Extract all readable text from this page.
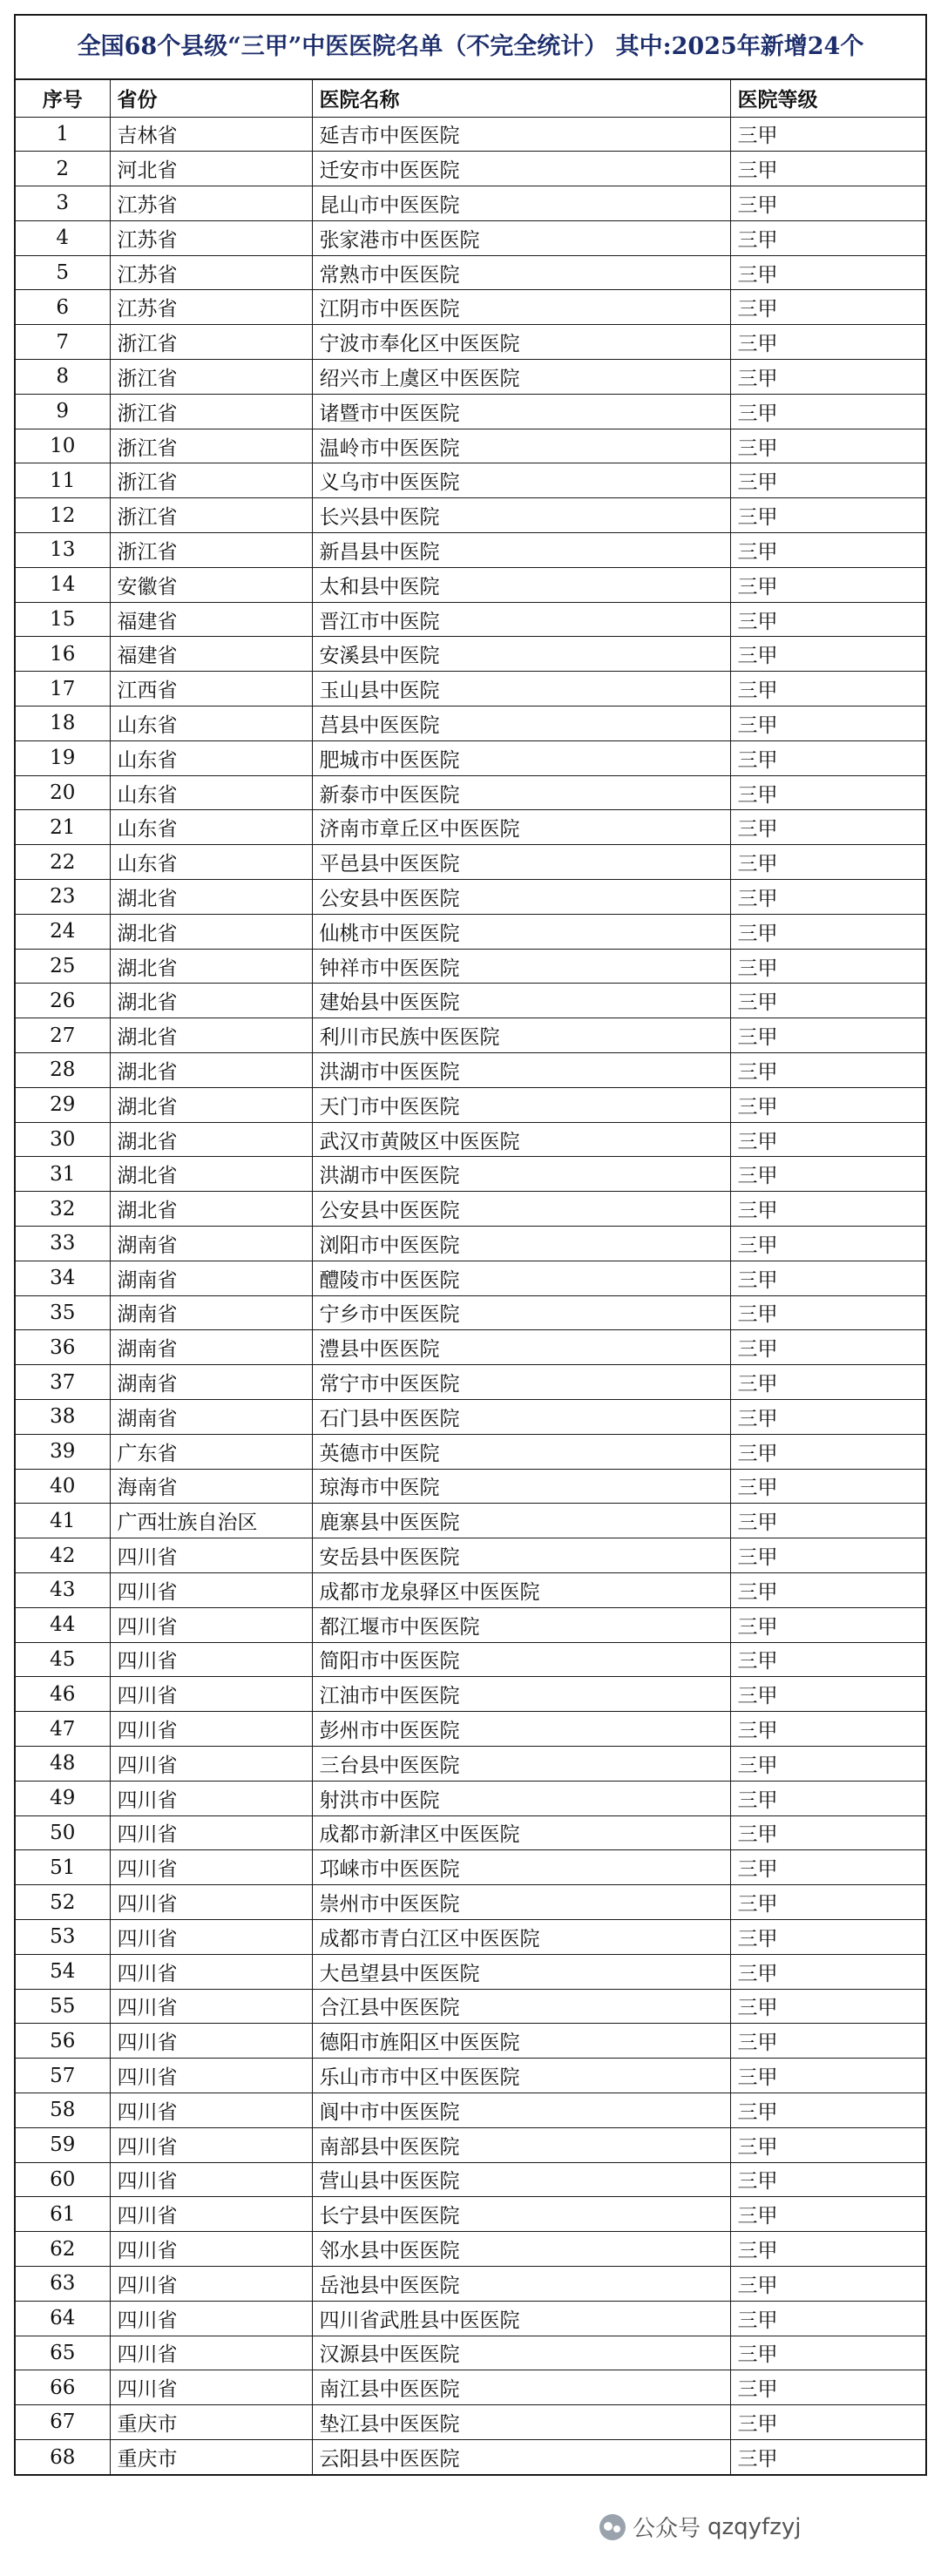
全国68个县级“三甲”中医医院名单（不完全统计） 其中:2025年新增24个
序号	省份	医院名称	医院等级
1	吉林省	延吉市中医医院	三甲
2	河北省	迁安市中医医院	三甲
3	江苏省	昆山市中医医院	三甲
4	江苏省	张家港市中医医院	三甲
5	江苏省	常熟市中医医院	三甲
6	江苏省	江阴市中医医院	三甲
7	浙江省	宁波市奉化区中医医院	三甲
8	浙江省	绍兴市上虞区中医医院	三甲
9	浙江省	诸暨市中医医院	三甲
10	浙江省	温岭市中医医院	三甲
11	浙江省	义乌市中医医院	三甲
12	浙江省	长兴县中医院	三甲
13	浙江省	新昌县中医院	三甲
14	安徽省	太和县中医院	三甲
15	福建省	晋江市中医院	三甲
16	福建省	安溪县中医院	三甲
17	江西省	玉山县中医院	三甲
18	山东省	莒县中医医院	三甲
19	山东省	肥城市中医医院	三甲
20	山东省	新泰市中医医院	三甲
21	山东省	济南市章丘区中医医院	三甲
22	山东省	平邑县中医医院	三甲
23	湖北省	公安县中医医院	三甲
24	湖北省	仙桃市中医医院	三甲
25	湖北省	钟祥市中医医院	三甲
26	湖北省	建始县中医医院	三甲
27	湖北省	利川市民族中医医院	三甲
28	湖北省	洪湖市中医医院	三甲
29	湖北省	天门市中医医院	三甲
30	湖北省	武汉市黄陂区中医医院	三甲
31	湖北省	洪湖市中医医院	三甲
32	湖北省	公安县中医医院	三甲
33	湖南省	浏阳市中医医院	三甲
34	湖南省	醴陵市中医医院	三甲
35	湖南省	宁乡市中医医院	三甲
36	湖南省	澧县中医医院	三甲
37	湖南省	常宁市中医医院	三甲
38	湖南省	石门县中医医院	三甲
39	广东省	英德市中医院	三甲
40	海南省	琼海市中医院	三甲
41	广西壮族自治区	鹿寨县中医医院	三甲
42	四川省	安岳县中医医院	三甲
43	四川省	成都市龙泉驿区中医医院	三甲
44	四川省	都江堰市中医医院	三甲
45	四川省	简阳市中医医院	三甲
46	四川省	江油市中医医院	三甲
47	四川省	彭州市中医医院	三甲
48	四川省	三台县中医医院	三甲
49	四川省	射洪市中医院	三甲
50	四川省	成都市新津区中医医院	三甲
51	四川省	邛崃市中医医院	三甲
52	四川省	崇州市中医医院	三甲
53	四川省	成都市青白江区中医医院	三甲
54	四川省	大邑望县中医医院	三甲
55	四川省	合江县中医医院	三甲
56	四川省	德阳市旌阳区中医医院	三甲
57	四川省	乐山市市中区中医医院	三甲
58	四川省	阆中市中医医院	三甲
59	四川省	南部县中医医院	三甲
60	四川省	营山县中医医院	三甲
61	四川省	长宁县中医医院	三甲
62	四川省	邻水县中医医院	三甲
63	四川省	岳池县中医医院	三甲
64	四川省	四川省武胜县中医医院	三甲
65	四川省	汉源县中医医院	三甲
66	四川省	南江县中医医院	三甲
67	重庆市	垫江县中医医院	三甲
68	重庆市	云阳县中医医院	三甲
公众号 qzqyfzyj
